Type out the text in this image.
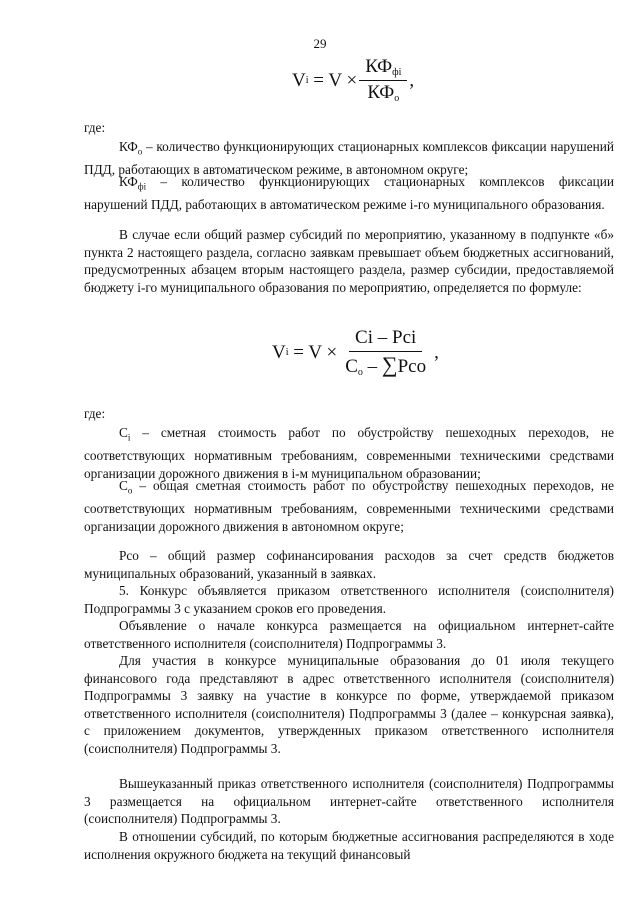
29
V i
= $V \times \frac{КФ_{фi}}{КФ_о}$ ,
где:

$КФ_о$ – количество функционирующих стационарных комплексов фиксации нарушений ПДД, работающих в автоматическом режиме, в автономном округе;

$КФ_{фi}$ – количество функционирующих стационарных комплексов фиксации нарушений ПДД, работающих в автоматическом режиме i-го муниципального образования.

В случае если общий размер субсидий по мероприятию, указанному в подпункте «б» пункта 2 настоящего раздела, согласно заявкам превышает объем бюджетных ассигнований, предусмотренных абзацем вторым настоящего раздела, размер субсидии, предоставляемой бюджету i-го муниципального образования по мероприятию, определяется по формуле:

V i
= $V \times \frac{\text{Ci – Pci}}{C_o - \sum Pco}$ ,
где:

$C_i$ – сметная стоимость работ по обустройству пешеходных переходов, не соответствующих нормативным требованиям, современными техническими средствами организации дорожного движения в i-м муниципальном образовании;

$C_о$ – общая сметная стоимость работ по обустройству пешеходных переходов, не соответствующих нормативным требованиям, современными техническими средствами организации дорожного движения в автономном округе;

Pco – общий размер софинансирования расходов за счет средств бюджетов муниципальных образований, указанный в заявках.

5. Конкурс объявляется приказом ответственного исполнителя (соисполнителя) Подпрограммы 3 с указанием сроков его проведения.

Объявление о начале конкурса размещается на официальном интернет-сайте ответственного исполнителя (соисполнителя) Подпрограммы 3.

Для участия в конкурсе муниципальные образования до 01 июля текущего финансового года представляют в адрес ответственного исполнителя (соисполнителя) Подпрограммы 3 заявку на участие в конкурсе по форме, утверждаемой приказом ответственного исполнителя (соисполнителя) Подпрограммы 3 (далее – конкурсная заявка), с приложением документов, утвержденных приказом ответственного исполнителя (соисполнителя) Подпрограммы 3.

Вышеуказанный приказ ответственного исполнителя (соисполнителя) Подпрограммы 3 размещается на официальном интернет-сайте ответственного исполнителя (соисполнителя) Подпрограммы 3.

В отношении субсидий, по которым бюджетные ассигнования распределяются в ходе исполнения окружного бюджета на текущий финансовый
